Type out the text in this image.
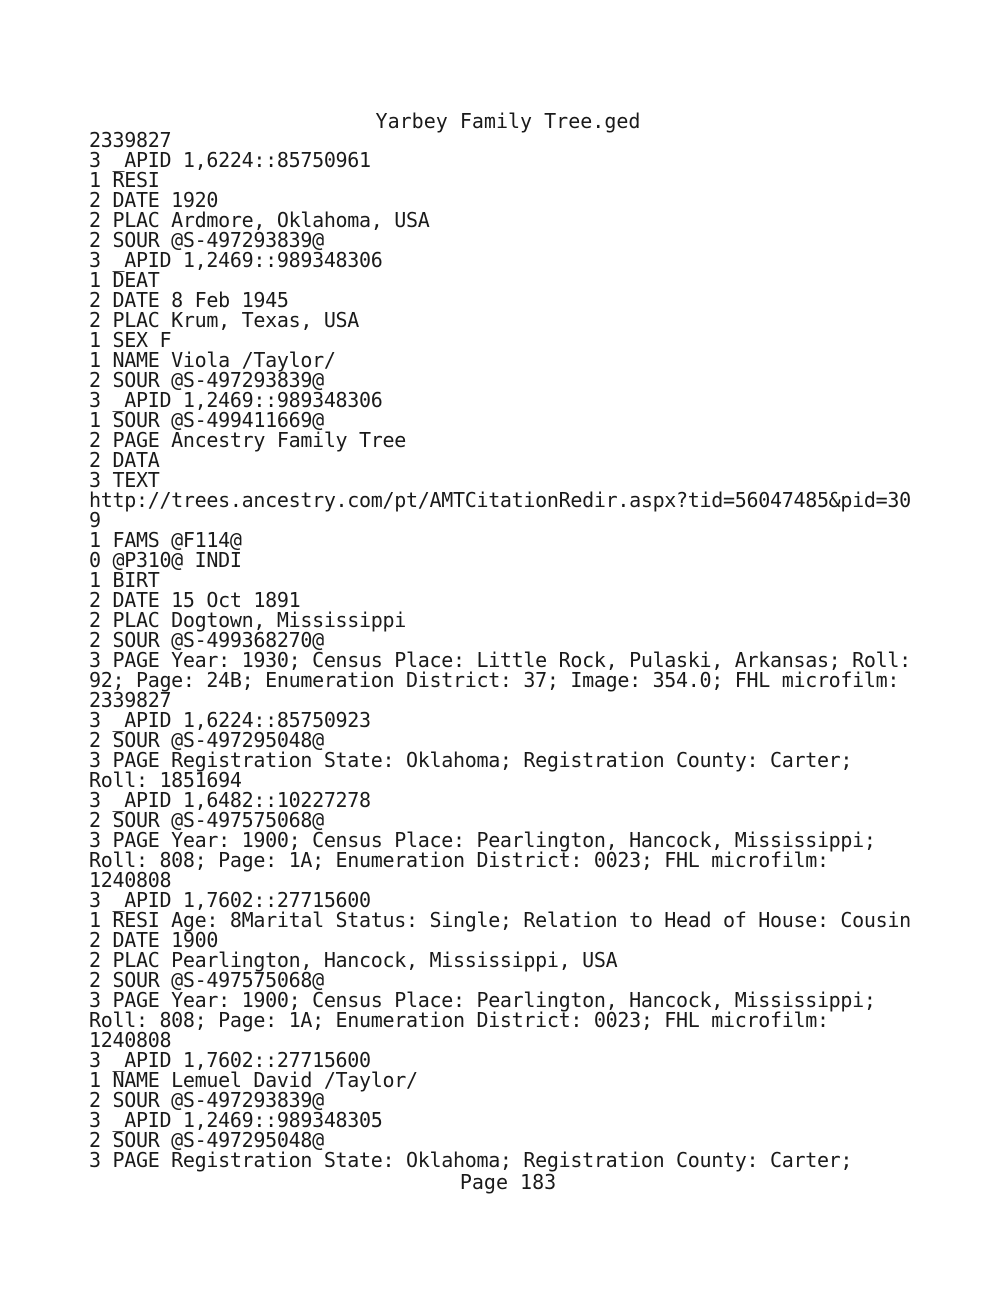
Yarbey Family Tree.ged
2339827
3 _APID 1,6224::85750961
1 RESI
2 DATE 1920
2 PLAC Ardmore, Oklahoma, USA
2 SOUR @S-497293839@
3 _APID 1,2469::989348306
1 DEAT
2 DATE 8 Feb 1945
2 PLAC Krum, Texas, USA
1 SEX F
1 NAME Viola /Taylor/
2 SOUR @S-497293839@
3 _APID 1,2469::989348306
1 SOUR @S-499411669@
2 PAGE Ancestry Family Tree
2 DATA
3 TEXT
http://trees.ancestry.com/pt/AMTCitationRedir.aspx?tid=56047485&pid=30
9
1 FAMS @F114@
0 @P310@ INDI
1 BIRT
2 DATE 15 Oct 1891
2 PLAC Dogtown, Mississippi
2 SOUR @S-499368270@
3 PAGE Year: 1930; Census Place: Little Rock, Pulaski, Arkansas; Roll:
92; Page: 24B; Enumeration District: 37; Image: 354.0; FHL microfilm:
2339827
3 _APID 1,6224::85750923
2 SOUR @S-497295048@
3 PAGE Registration State: Oklahoma; Registration County: Carter;
Roll: 1851694
3 _APID 1,6482::10227278
2 SOUR @S-497575068@
3 PAGE Year: 1900; Census Place: Pearlington, Hancock, Mississippi;
Roll: 808; Page: 1A; Enumeration District: 0023; FHL microfilm:
1240808
3 _APID 1,7602::27715600
1 RESI Age: 8Marital Status: Single; Relation to Head of House: Cousin
2 DATE 1900
2 PLAC Pearlington, Hancock, Mississippi, USA
2 SOUR @S-497575068@
3 PAGE Year: 1900; Census Place: Pearlington, Hancock, Mississippi;
Roll: 808; Page: 1A; Enumeration District: 0023; FHL microfilm:
1240808
3 _APID 1,7602::27715600
1 NAME Lemuel David /Taylor/
2 SOUR @S-497293839@
3 _APID 1,2469::989348305
2 SOUR @S-497295048@
3 PAGE Registration State: Oklahoma; Registration County: Carter;
Page 183
